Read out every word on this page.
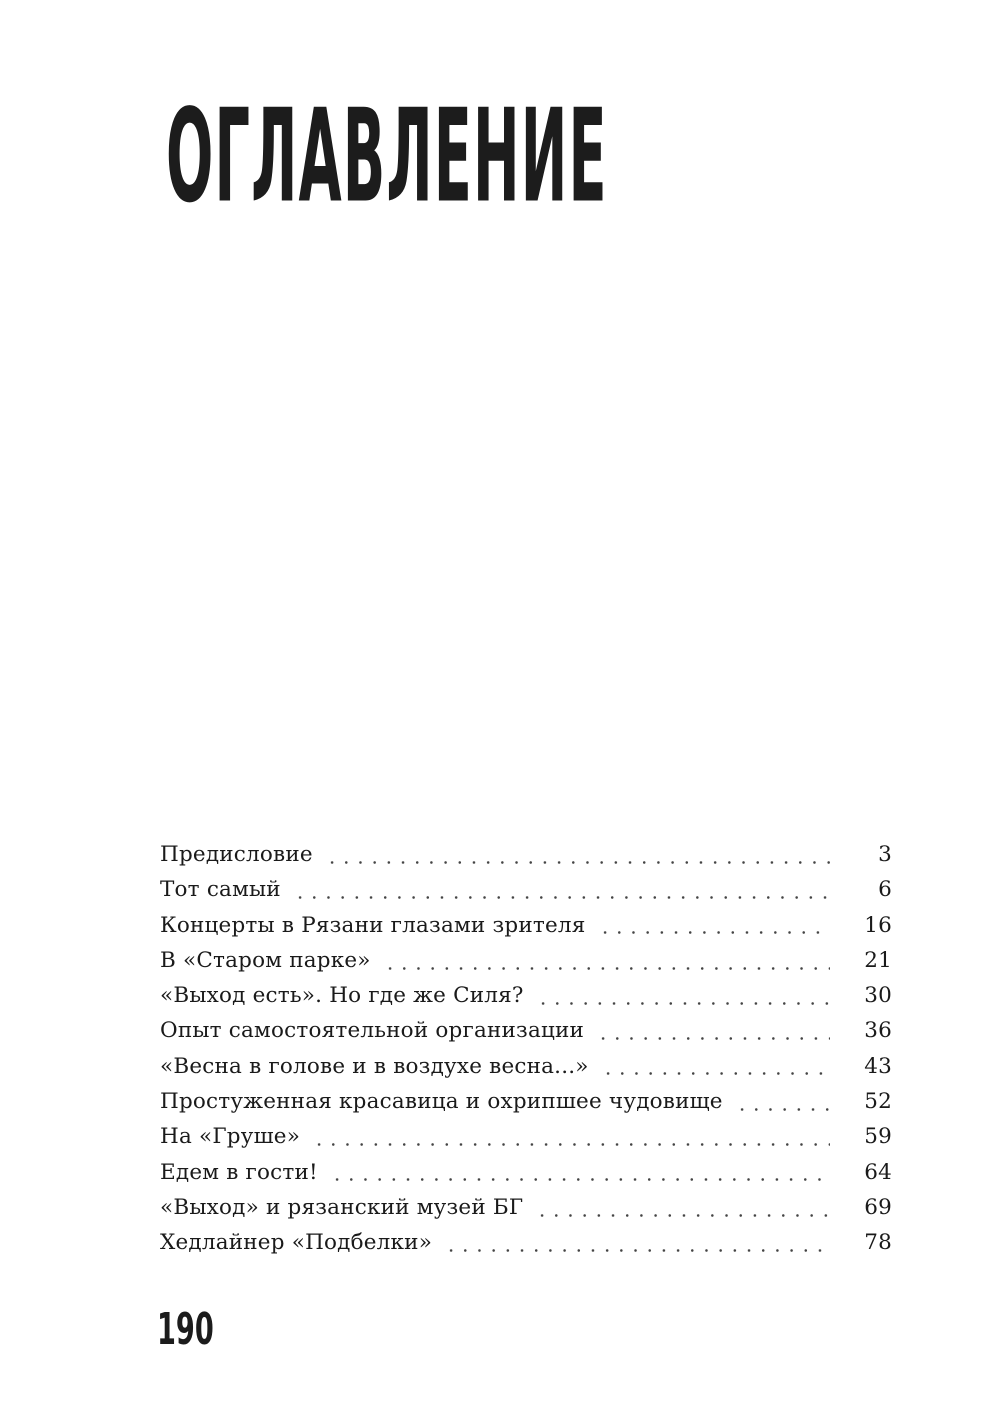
ОГЛАВЛЕНИЕ
Предисловие	3
Тот самый	6
Концерты в Рязани глазами зрителя	16
В «Старом парке»	21
«Выход есть». Но где же Силя?	30
Опыт самостоятельной организации	36
«Весна в голове и в воздухе весна...»	43
Простуженная красавица и охрипшее чудовище	52
На «Груше»	59
Едем в гости!	64
«Выход» и рязанский музей БГ	69
Хедлайнер «Подбелки»	78
190
